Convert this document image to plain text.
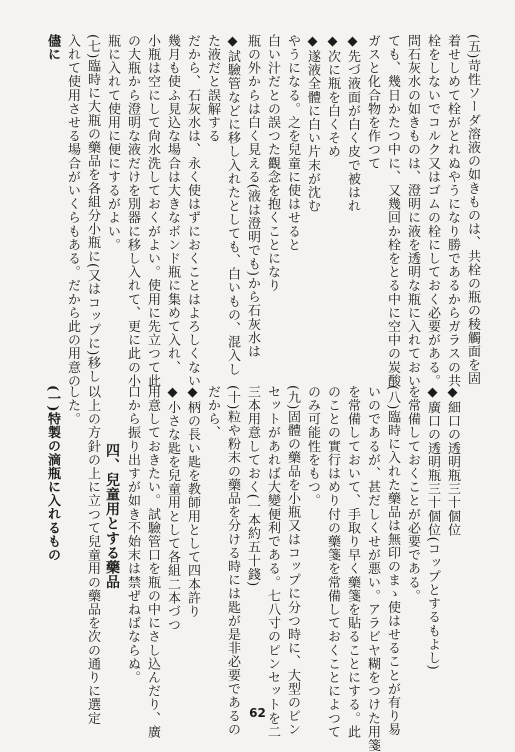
(五)苛性ソーダ溶液の如きものは、共栓の瓶の稜觸面を固
着せしめて栓がとれぬやうになり勝であるからガラスの共
栓をしないでコルク又はゴムの栓にしておく必要がある。
問石灰水の如きものは、澄明に液を透明な瓶に入れておい
ても、幾日かたつ中に、又幾回か栓をとる中に空中の炭酸
ガスと化合物を作つて
◆先づ液面が白く皮で被はれ
◆次に瓶を白くそめ
◆遂液全體に白い片末が沈む
やうになる。之を兒童に使はせると
白い汁だとの誤つた觀念を抱くことになり
瓶の外からは白く見える(液は澄明でも)から石灰水は
◆試驗管などに移し入れたとしても、白いもの、混入し
た液だと誤解する
だから、石灰水は、永く使はずにおくことはよろしくない
幾月も使ふ見込な場合は大きなボンド瓶に集めて入れ、
小瓶は空にして尙水洗しておくがよい。使用に先立つて此
の大瓶から澄明な液だけを別器に移し入れて、更に此の小
瓶に入れて使用に便にするがよい。
(七)臨時に大瓶の藥品を各組分小瓶に(又はコップに)移し
入れて使用させる場合がいくらもある。だから此の用意の
儘に
◆細口の透明瓶三十個位
◆廣口の透明瓶三十個位(コップとするもよし)
を常備しておくことが必要である。
(八)臨時に入れた藥品は無印のまゝ使はせることが有り易
いのであるが、甚だしくせが悪い。アラビヤ糊をつけた用箋
を常備しておいて、手取り早く藥箋を貼ることにする。此
のことの實行はめり付の藥箋を常備しておくことによつて
のみ可能性をもつ。
(九)固體の藥品を小瓶又はコップに分つ時に、大型のピン
セットがあれば大變便利である。七八寸のピンセットを二
三本用意しておく(一本約五十錢)
(十)粒や粉末の藥品を分ける時には匙が是非必要であるの
だから、
◆柄の長い匙を教師用として四本許り
◆小さな匙を兒童用として各組二本づつ
用意しておきたい。試驗管口を瓶の中にさし込んだり、廣
口から振り出すが如き不始末は禁ぜねばならぬ。
　　　　四、兒童用とする藥品
以上の方針の上に立つて兒童用の藥品を次の通りに選定
した。
(一)特製の滴瓶に入れるもの
62
